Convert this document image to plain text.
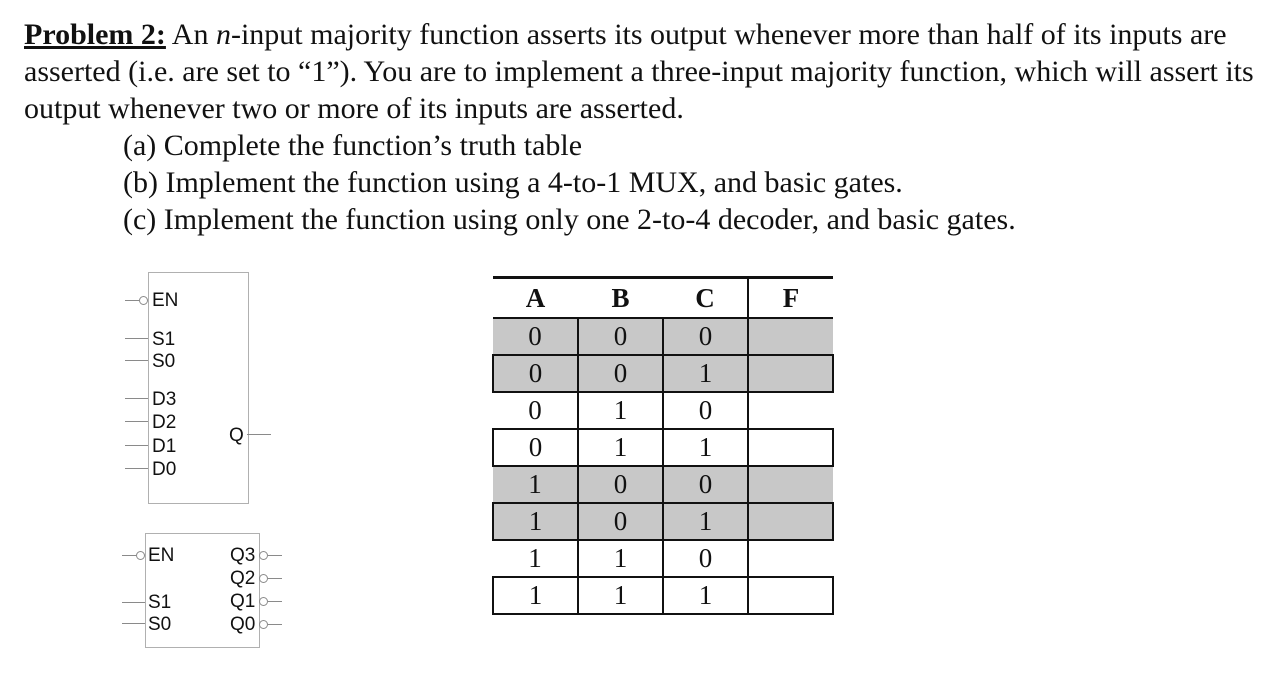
Problem 2: An n-input majority function asserts its output whenever more than half of its inputs are asserted (i.e. are set to “1”). You are to implement a three-input majority function, which will assert its output whenever two or more of its inputs are asserted.

(a) Complete the function’s truth table
(b) Implement the function using a 4-to-1 MUX, and basic gates.
(c) Implement the function using only one 2-to-4 decoder, and basic gates.
EN
S1
S0
D3
D2
D1
D0
Q
EN
S1
S0
Q3
Q2
Q1
Q0
A	B	C	F
0	0	0	
0	0	1	
0	1	0	
0	1	1	
1	0	0	
1	0	1	
1	1	0	
1	1	1	
